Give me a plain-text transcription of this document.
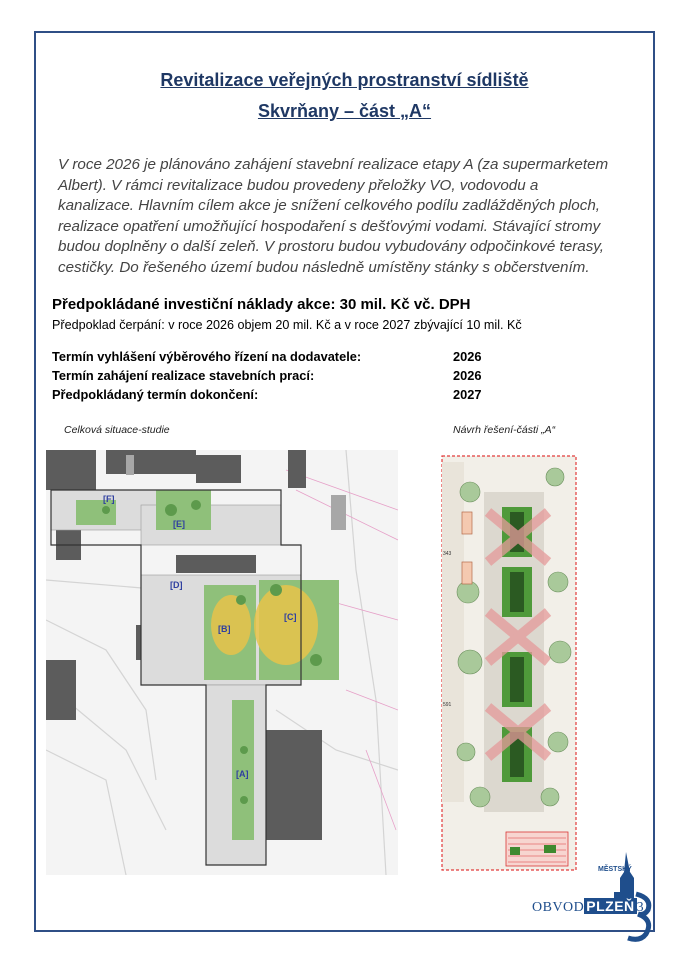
Revitalizace veřejných prostranství sídliště
Skvrňany – část „A“
V roce 2026 je plánováno zahájení stavební realizace etapy A (za supermarketem
Albert). V rámci revitalizace budou provedeny přeložky VO, vodovodu a
kanalizace. Hlavním cílem akce je snížení celkového podílu zadlážděných ploch,
realizace opatření umožňující hospodaření s dešťovými vodami. Stávající stromy
budou doplněny o další zeleň. V prostoru budou vybudovány odpočinkové terasy,
cestičky. Do řešeného území budou následně umístěny stánky s občerstvením.
Předpokládané investiční náklady akce: 30 mil. Kč vč. DPH
Předpoklad čerpání: v roce 2026 objem 20 mil. Kč a v roce 2027 zbývající 10 mil. Kč
Termín vyhlášení výběrového řízení na dodavatele:	2026
Termín zahájení realizace stavebních prací:	2026
Předpokládaný termín dokončení:	2027
Celková situace-studie	Návrh řešení-části „A“
[F]
[E]
[D]
[B]
[C]
[A]
343
591
MĚSTSKÝ
OBVOD PLZEŇ 3
